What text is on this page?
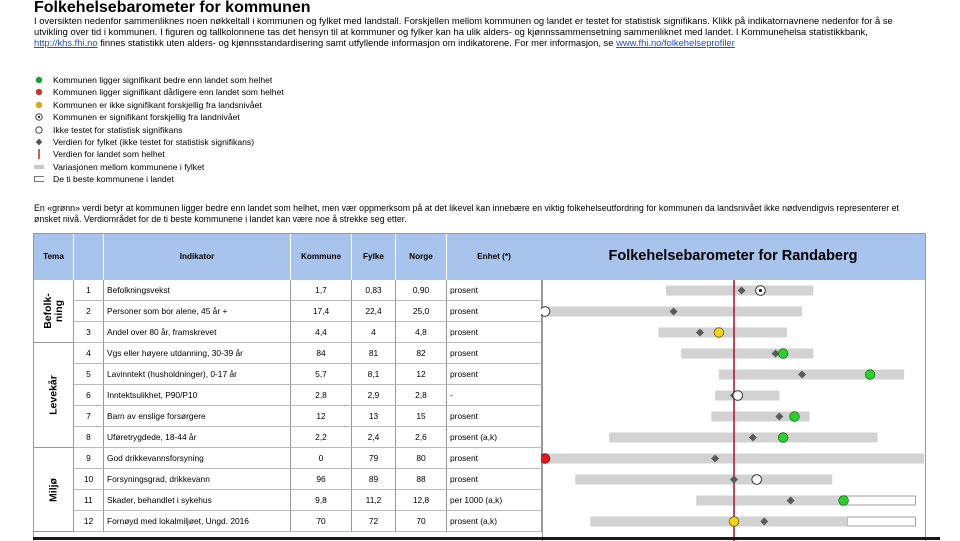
Folkehelsebarometer for kommunen
I oversikten nedenfor sammenliknes noen nøkkeltall i kommunen og fylket med landstall. Forskjellen mellom kommunen og landet er testet for statistisk signifikans. Klikk på indikatornavnene nedenfor for å se utvikling over tid i kommunen. I figuren og tallkolonnene tas det hensyn til at kommuner og fylker kan ha ulik alders- og kjønnssammensetning sammenliknet med landet. I Kommunehelsa statistikkbank, http://khs.fhi.no finnes statistikk uten alders- og kjønnsstandardisering samt utfyllende informasjon om indikatorene. For mer informasjon, se www.fhi.no/folkehelseprofiler
Kommunen ligger signifikant bedre enn landet som helhet
Kommunen ligger signifikant dårligere enn landet som helhet
Kommunen er ikke signifikant forskjellig fra landsnivået
Kommunen er signifikant forskjellig fra landnivået
Ikke testet for statistisk signifikans
Verdien for fylket (ikke testet for statistisk signifikans)
Verdien for landet som helhet
Variasjonen mellom kommunene i fylket
De ti beste kommunene i landet
En «grønn» verdi betyr at kommunen ligger bedre enn landet som helhet, men vær oppmerksom på at det likevel kan innebære en viktig folkehelseutfordring for kommunen da landsnivået ikke nødvendigvis representerer et ønsket nivå. Verdiområdet for de ti beste kommunene i landet kan være noe å strekke seg etter.
Tema	Indikator	Kommune	Fylke	Norge	Enhet (*)
Befolk-
ning
Levekår
Miljø
1	Befolkningsvekst	1,7	0,83	0,90	prosent
2	Personer som bor alene, 45 år +	17,4	22,4	25,0	prosent
3	Andel over 80 år, framskrevet	4,4	4	4,8	prosent
4	Vgs eller høyere utdanning, 30-39 år	84	81	82	prosent
5	Lavinntekt (husholdninger), 0-17 år	5,7	8,1	12	prosent
6	Inntektsulikhet, P90/P10	2,8	2,9	2,8	-
7	Barn av enslige forsørgere	12	13	15	prosent
8	Uføretrygdede, 18-44 år	2,2	2,4	2,6	prosent (a,k)
9	God drikkevannsforsyning	0	79	80	prosent
10	Forsyningsgrad, drikkevann	96	89	88	prosent
11	Skader, behandlet i sykehus	9,8	11,2	12,8	per 1000 (a,k)
12	Fornøyd med lokalmiljøet, Ungd. 2016	70	72	70	prosent (a,k)
Folkehelsebarometer for Randaberg
